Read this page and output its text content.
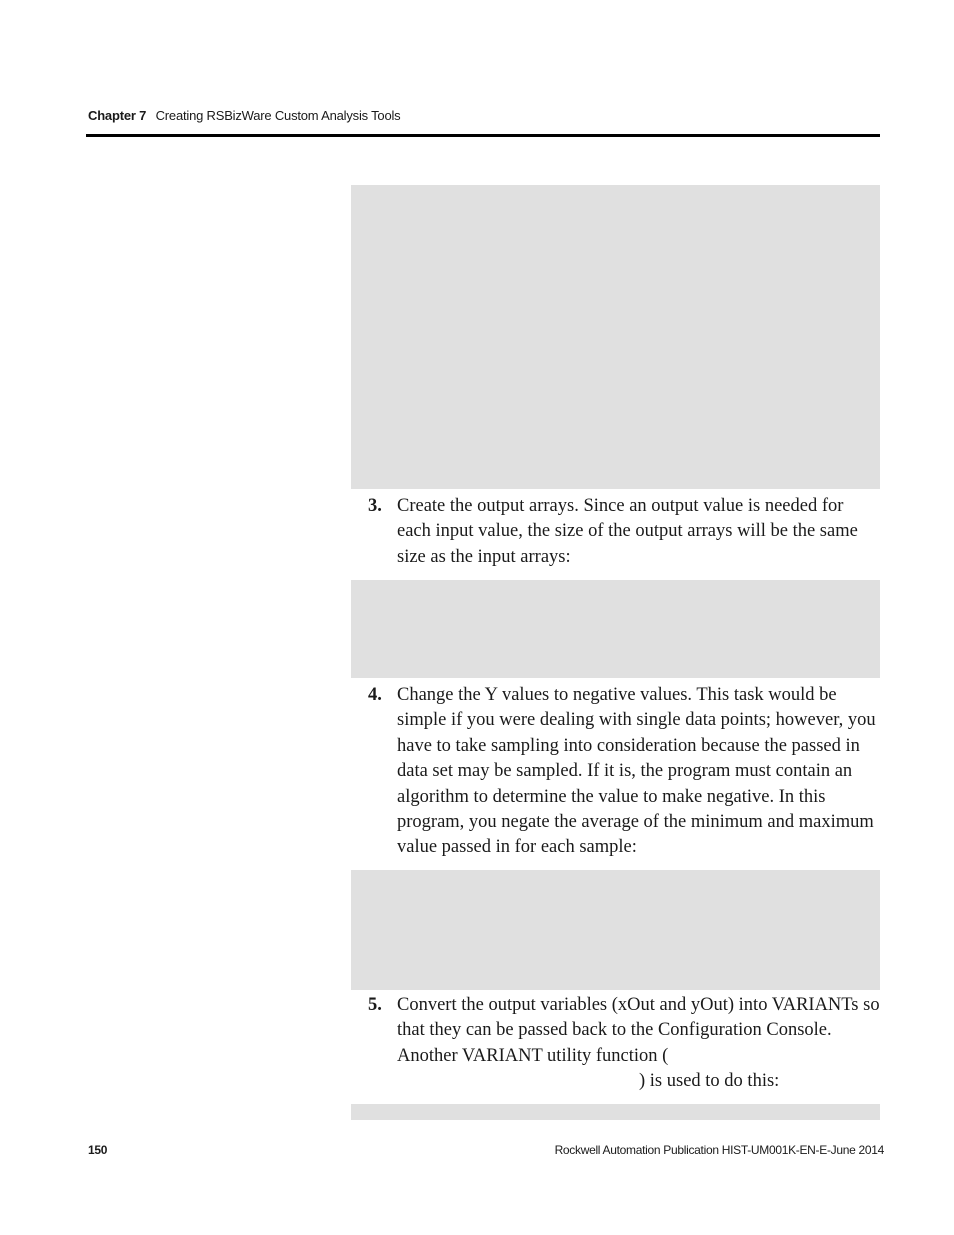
Chapter 7 Creating RSBizWare Custom Analysis Tools
3. Create the output arrays. Since an output value is needed for each input value, the size of the output arrays will be the same size as the input arrays:
4. Change the Y values to negative values. This task would be simple if you were dealing with single data points; however, you have to take sampling into consideration because the passed in data set may be sampled. If it is, the program must contain an algorithm to determine the value to make negative. In this program, you negate the average of the minimum and maximum value passed in for each sample:
5. Convert the output variables (xOut and yOut) into VARIANTs so that they can be passed back to the Configuration Console. Another VARIANT utility function () is used to do this:
150	Rockwell Automation Publication HIST-UM001K-EN-E-June 2014
